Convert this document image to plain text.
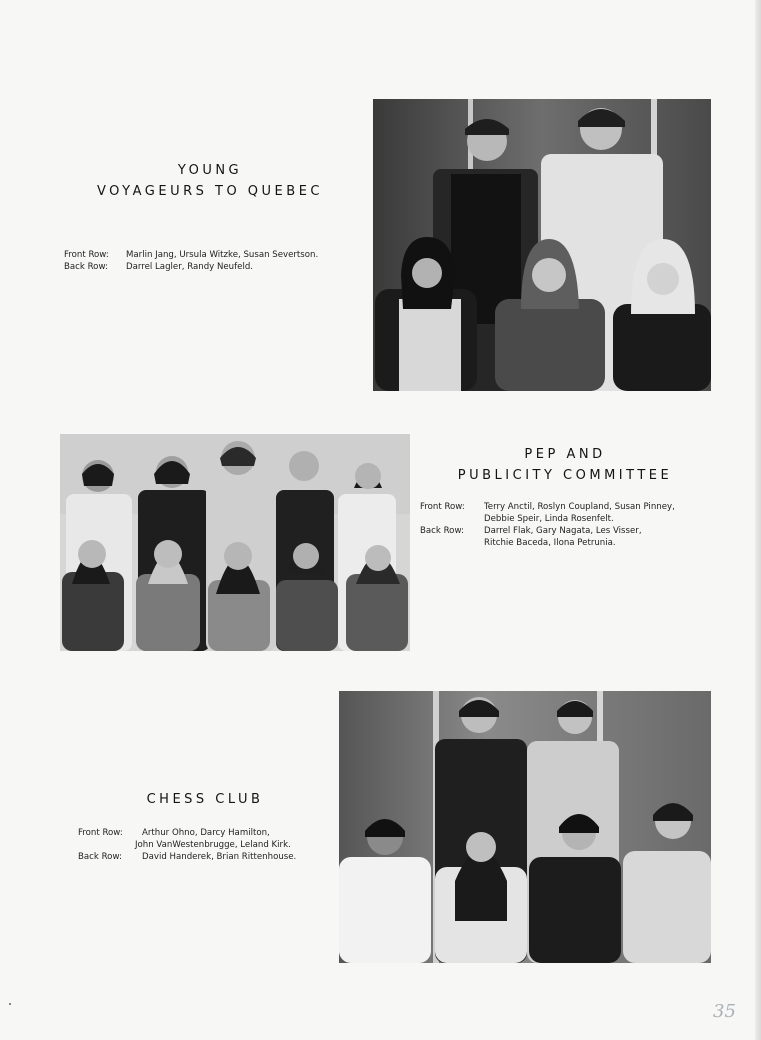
YOUNG
VOYAGEURS TO QUEBEC
Front Row: Marlin Jang, Ursula Witzke, Susan Severtson.
Back Row: Darrel Lagler, Randy Neufeld.
PEP AND
PUBLICITY COMMITTEE
Front Row: Terry Anctil, Roslyn Coupland, Susan Pinney,
Debbie Speir, Linda Rosenfelt.
Back Row: Darrel Flak, Gary Nagata, Les Visser,
Ritchie Baceda, Ilona Petrunia.
CHESS CLUB
Front Row: Arthur Ohno, Darcy Hamilton,
John VanWestenbrugge, Leland Kirk.
Back Row: David Handerek, Brian Rittenhouse.
35
